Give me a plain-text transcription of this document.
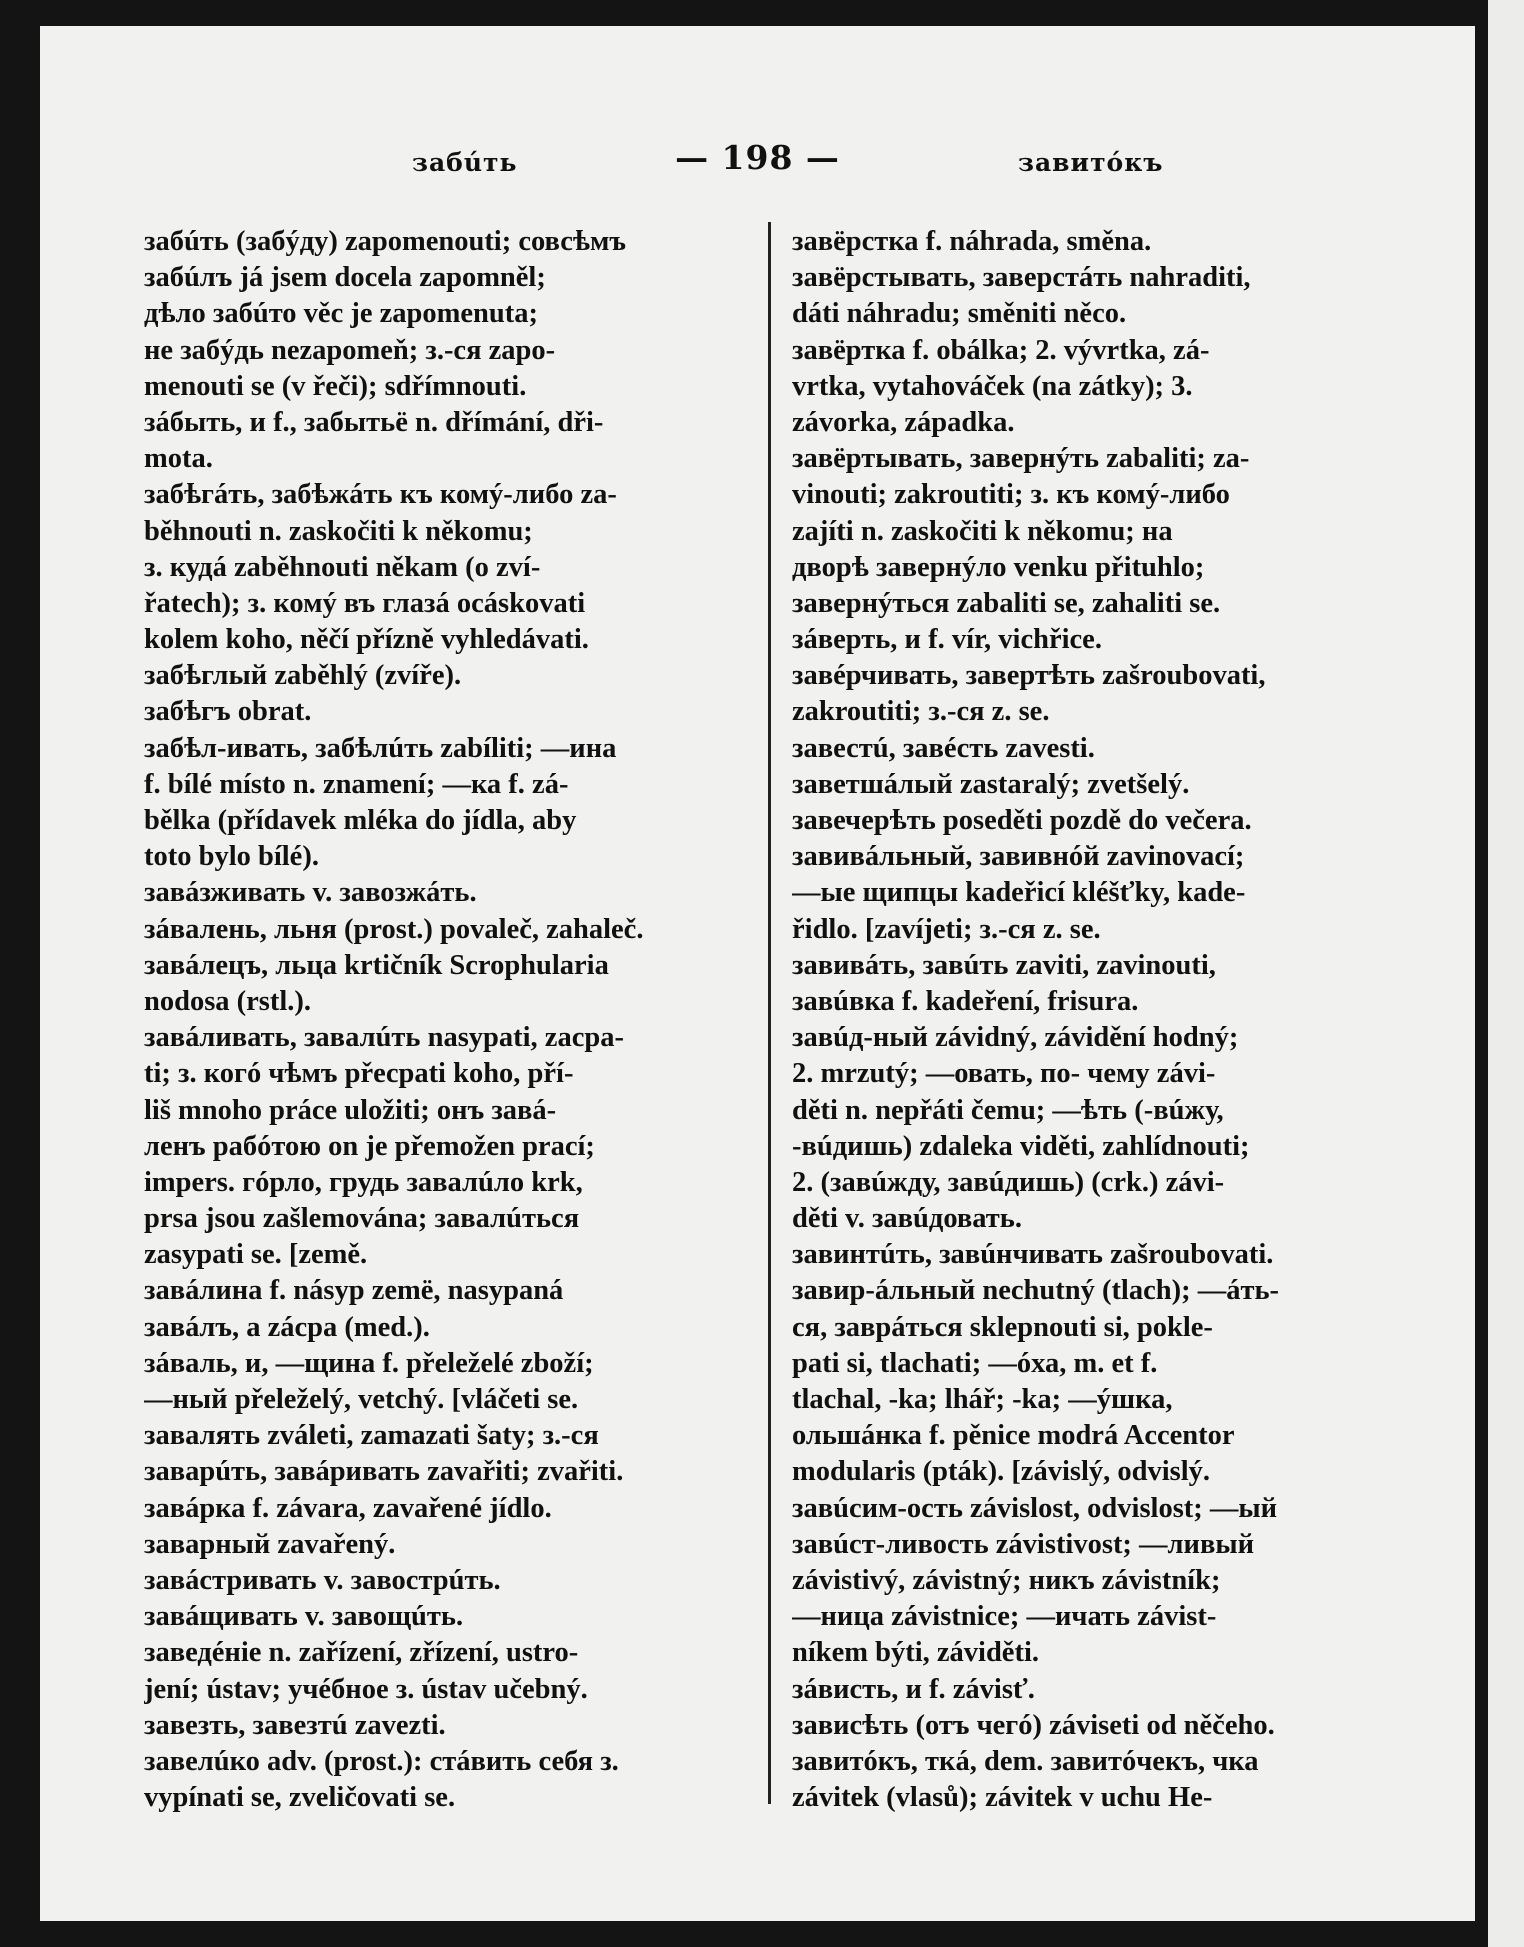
забúть	— 198 —	завитóкъ
забúть (забýду) zapomenouti; совсѣмъ
забúлъ já jsem docela zapomněl;
дѣло забúто věc je zapomenuta;
не забýдь nezapomeň; з.-ся zapo-
menouti se (v řeči); sdřímnouti.
зáбыть, и f., забытьё n. dřímání, dři-
mota.
забѣгáть, забѣжáть къ комý-либо za-
běhnouti n. zaskočiti k někomu;
з. кудá zaběhnouti někam (o zví-
řatech); з. комý въ глазá ocáskovati
kolem koho, něčí přízně vyhledávati.
забѣглый zaběhlý (zvíře).
забѣгъ obrat.
забѣл-ивать, забѣлúть zabíliti; —ина
f. bílé místo n. znamení; —ка f. zá-
bělka (přídavek mléka do jídla, aby
toto bylo bílé).
завáзживать v. завозжáть.
зáвалень, льня (prost.) povaleč, zahaleč.
завáлецъ, льца krtičník Scrophularia
nodosa (rstl.).
завáливать, завалúть nasypati, zacpa-
ti; з. когó чѣмъ přecpati koho, pří-
liš mnoho práce uložiti; онъ завá-
ленъ рабóтою on je přemožen prací;
impers. гóрло, грудь завалúло krk,
prsa jsou zašlemována; завалúться
zasypati se. [země.
завáлина f. násyp zemë, nasypaná
завáлъ, a zácpa (med.).
зáваль, и, —щина f. přeleželé zboží;
—ный přeleželý, vetchý. [vláčeti se.
завалять zváleti, zamazati šaty; з.-ся
заварúть, завáривать zavařiti; zvařiti.
завáрка f. závara, zavařené jídlo.
заварный zavařený.
завáстривать v. завострúть.
завáщивать v. завощúть.
заведéніе n. zařízení, zřízení, ustro-
jení; ústav; учéбное з. ústav učebný.
завезть, завезтú zavezti.
завелúко adv. (prost.): стáвить себя з.
vypínati se, zveličovati se.
завёрстка f. náhrada, směna.
завёрстывать, заверстáть nahraditi,
dáti náhradu; směniti něco.
завёртка f. obálka; 2. vývrtka, zá-
vrtka, vytahováček (na zátky); 3.
závorka, západka.
завёртывать, завернýть zabaliti; za-
vinouti; zakroutiti; з. къ комý-либо
zajíti n. zaskočiti k někomu; на
дворѣ завернýло venku přituhlo;
завернýться zabaliti se, zahaliti se.
зáверть, и f. vír, vichřice.
завéрчивать, завертѣть zašroubovati,
zakroutiti; з.-ся z. se.
завестú, завéсть zavesti.
заветшáлый zastaralý; zvetšelý.
завечерѣть poseděti pozdě do večera.
завивáльный, завивнóй zavinovací;
—ые щипцы kadeřicí kléšťky, kade-
řidlo. [zavíjeti; з.-ся z. se.
завивáть, завúть zaviti, zavinouti,
завúвка f. kadeření, frisura.
завúд-ный závidný, závidění hodný;
2. mrzutý; —овать, по- чему závi-
děti n. nepřáti čemu; —ѣть (-вúжу,
-вúдишь) zdaleka viděti, zahlídnouti;
2. (завúжду, завúдишь) (crk.) závi-
děti v. завúдовать.
завинтúть, завúнчивать zašroubovati.
завир-áльный nechutný (tlach); —áть-
ся, заврáться sklepnouti si, pokle-
pati si, tlachati; —óха, m. et f.
tlachal, -ka; lhář; -ka; —ýшка,
ольшáнка f. pěnice modrá Accentor
modularis (pták). [závislý, odvislý.
завúсим-ость závislost, odvislost; —ый
завúст-ливость závistivost; —ливый
závistivý, závistný; никъ závistník;
—ница závistnice; —ичать závist-
níkem býti, záviděti.
зáвисть, и f. závisť.
зависѣть (отъ чегó) záviseti od něčeho.
завитóкъ, ткá, dem. завитóчекъ, чка
závitek (vlasů); závitek v uchu He-
